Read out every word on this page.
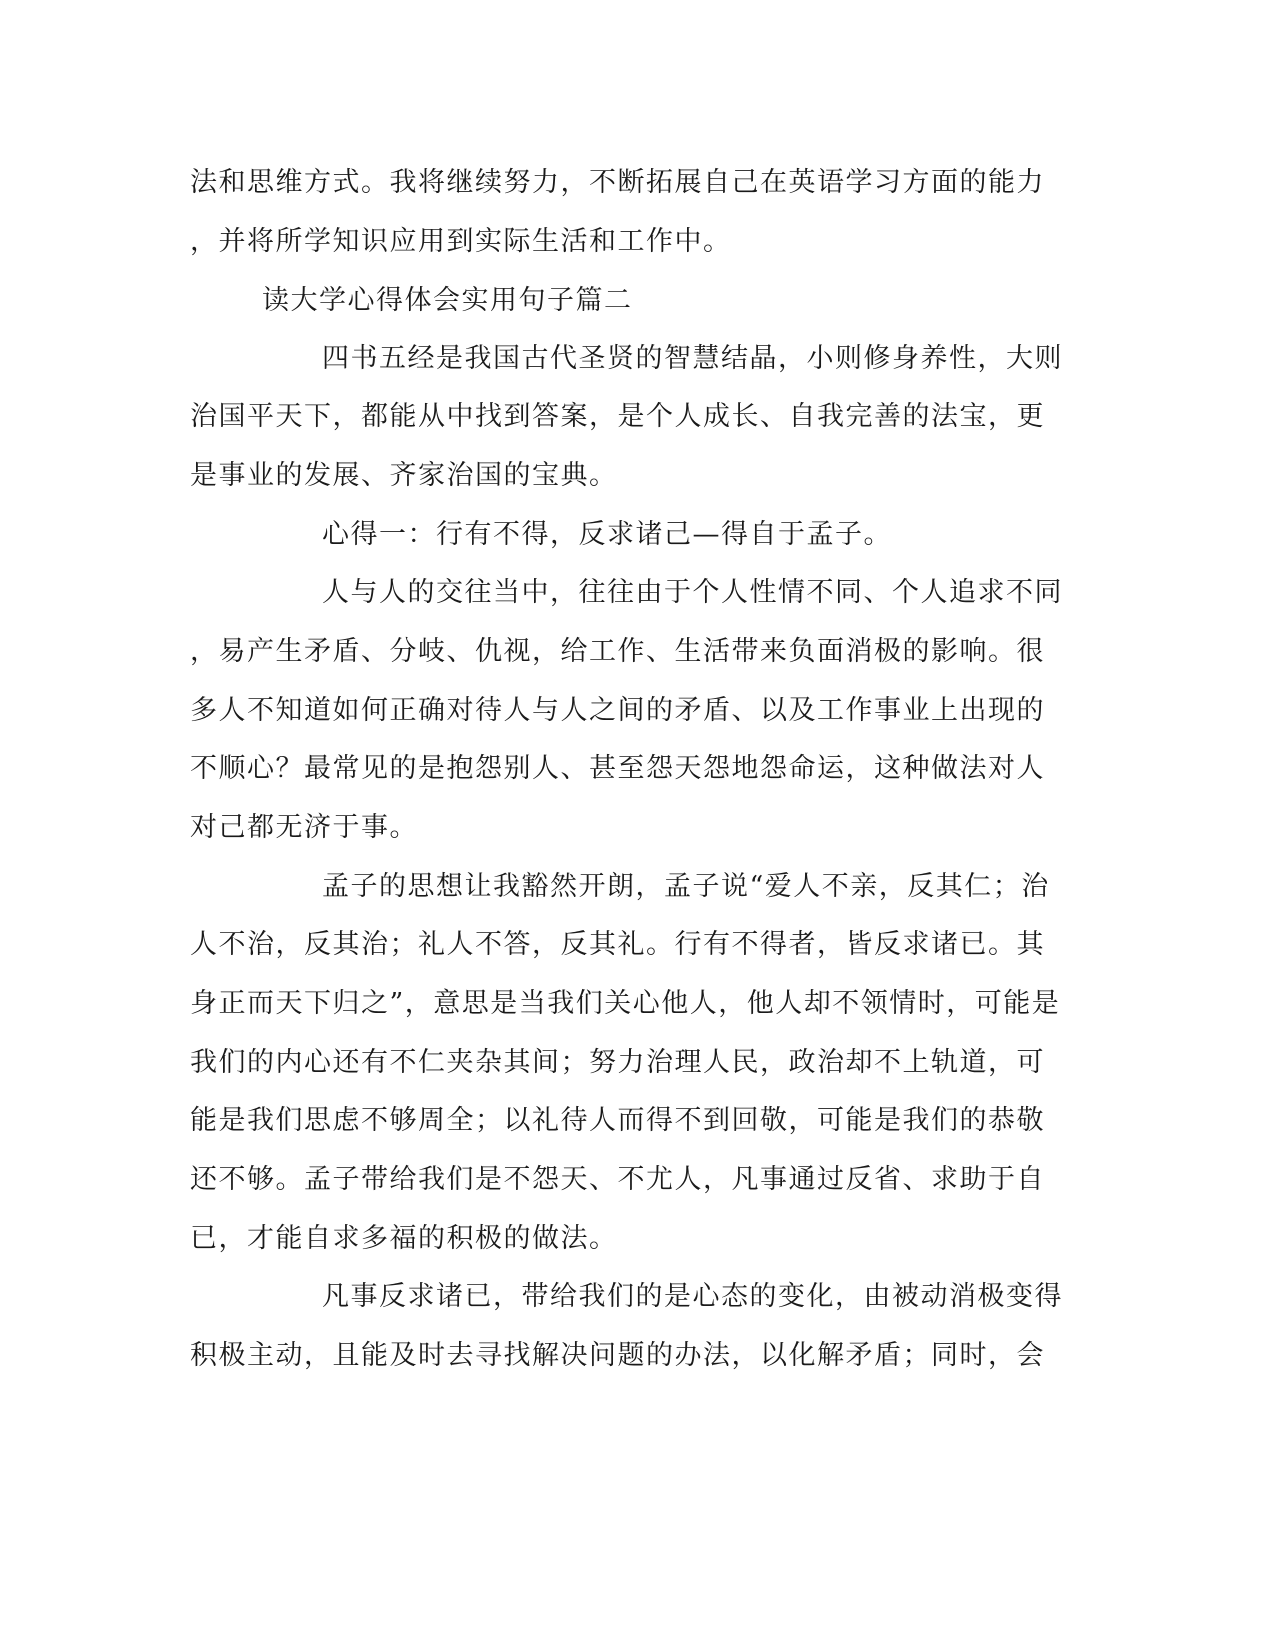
法和思维方式。我将继续努力，不断拓展自己在英语学习方面的能力
，并将所学知识应用到实际生活和工作中。
读大学心得体会实用句子篇二
四书五经是我国古代圣贤的智慧结晶，小则修身养性，大则
治国平天下，都能从中找到答案，是个人成长、自我完善的法宝，更
是事业的发展、齐家治国的宝典。
心得一：行有不得，反求诸己—得自于孟子。
人与人的交往当中，往往由于个人性情不同、个人追求不同
，易产生矛盾、分岐、仇视，给工作、生活带来负面消极的影响。很
多人不知道如何正确对待人与人之间的矛盾、以及工作事业上出现的
不顺心？最常见的是抱怨别人、甚至怨天怨地怨命运，这种做法对人
对己都无济于事。
孟子的思想让我豁然开朗，孟子说“爱人不亲，反其仁；治
人不治，反其治；礼人不答，反其礼。行有不得者，皆反求诸已。其
身正而天下归之”，意思是当我们关心他人，他人却不领情时，可能是
我们的内心还有不仁夹杂其间；努力治理人民，政治却不上轨道，可
能是我们思虑不够周全；以礼待人而得不到回敬，可能是我们的恭敬
还不够。孟子带给我们是不怨天、不尤人，凡事通过反省、求助于自
已，才能自求多福的积极的做法。
凡事反求诸已，带给我们的是心态的变化，由被动消极变得
积极主动，且能及时去寻找解决问题的办法，以化解矛盾；同时，会
